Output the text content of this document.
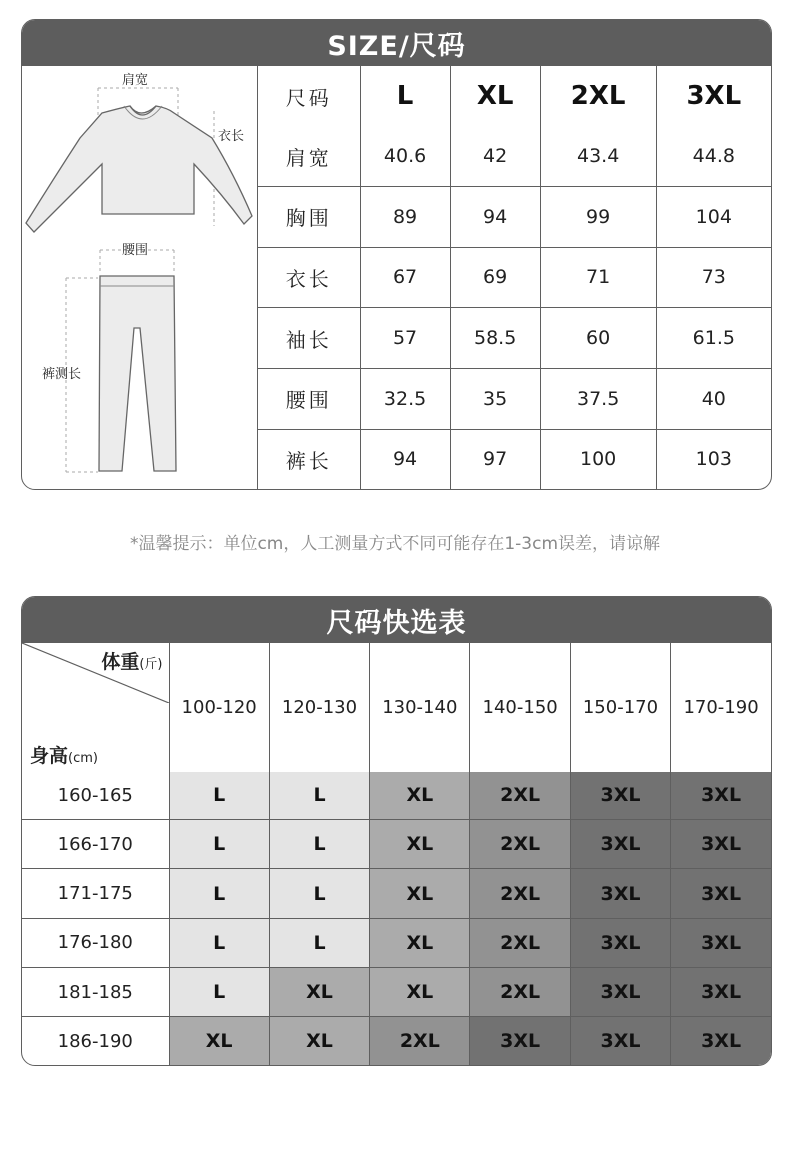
SIZE/尺码
肩宽
衣长
腰围
裤测长
尺码	L	XL	2XL	3XL
肩宽	40.6	42	43.4	44.8
胸围	89	94	99	104
衣长	67	69	71	73
袖长	57	58.5	60	61.5
腰围	32.5	35	37.5	40
裤长	94	97	100	103
*温馨提示：单位cm，人工测量方式不同可能存在1-3cm误差，请谅解
尺码快选表
体重(斤)
身高(cm)	100-120	120-130	130-140	140-150	150-170	170-190
160-165	L	L	XL	2XL	3XL	3XL
166-170	L	L	XL	2XL	3XL	3XL
171-175	L	L	XL	2XL	3XL	3XL
176-180	L	L	XL	2XL	3XL	3XL
181-185	L	XL	XL	2XL	3XL	3XL
186-190	XL	XL	2XL	3XL	3XL	3XL
